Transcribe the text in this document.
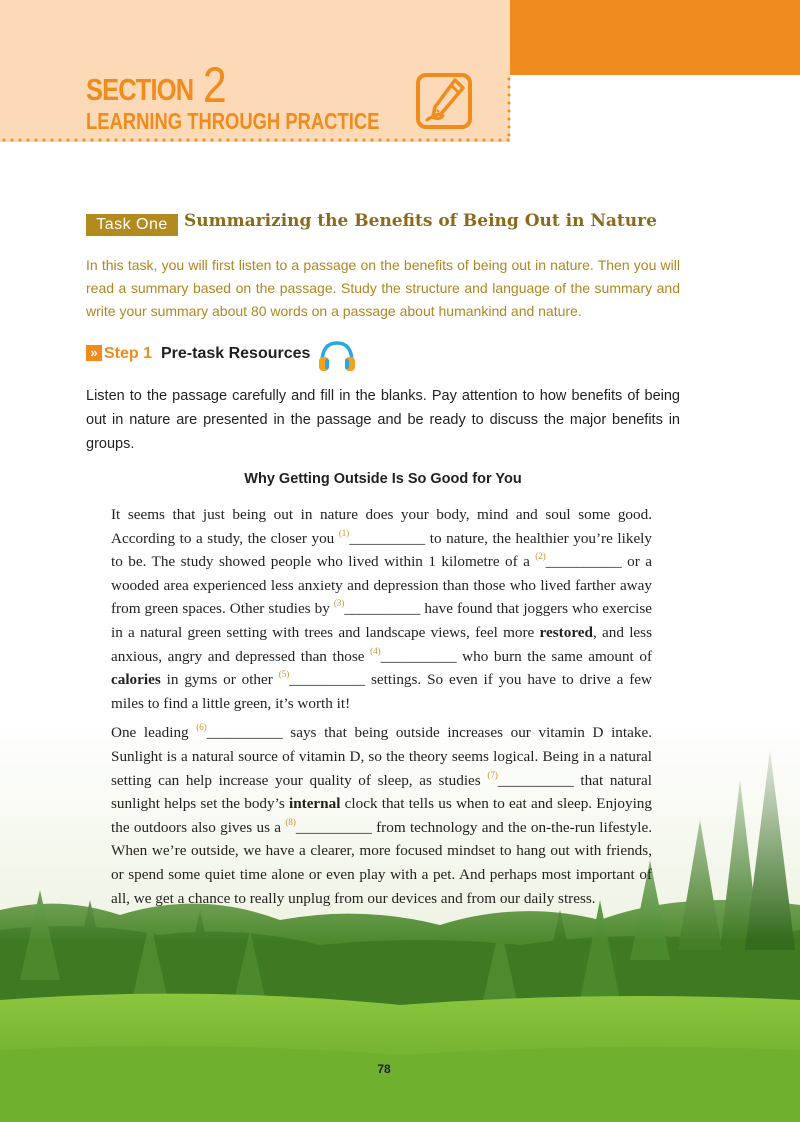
SECTION 2
LEARNING THROUGH PRACTICE
Task One Summarizing the Benefits of Being Out in Nature
In this task, you will first listen to a passage on the benefits of being out in nature. Then you will read a summary based on the passage. Study the structure and language of the summary and write your summary about 80 words on a passage about humankind and nature.
» Step 1 Pre-task Resources
Listen to the passage carefully and fill in the blanks. Pay attention to how benefits of being out in nature are presented in the passage and be ready to discuss the major benefits in groups.
Why Getting Outside Is So Good for You

It seems that just being out in nature does your body, mind and soul some good. According to a study, the closer you $^{(1)}$__________ to nature, the healthier you’re likely to be. The study showed people who lived within 1 kilometre of a $^{(2)}$__________ or a wooded area experienced less anxiety and depression than those who lived farther away from green spaces. Other studies by $^{(3)}$__________ have found that joggers who exercise in a natural green setting with trees and landscape views, feel more restored, and less anxious, angry and depressed than those $^{(4)}$__________ who burn the same amount of calories in gyms or other $^{(5)}$__________ settings. So even if you have to drive a few miles to find a little green, it’s worth it!

One leading $^{(6)}$__________ says that being outside increases our vitamin D intake. Sunlight is a natural source of vitamin D, so the theory seems logical. Being in a natural setting can help increase your quality of sleep, as studies $^{(7)}$__________ that natural sunlight helps set the body’s internal clock that tells us when to eat and sleep. Enjoying the outdoors also gives us a $^{(8)}$__________ from technology and the on-the-run lifestyle. When we’re outside, we have a clearer, more focused mindset to hang out with friends, or spend some quiet time alone or even play with a pet. And perhaps most important of all, we get a chance to really unplug from our devices and from our daily stress.

78
